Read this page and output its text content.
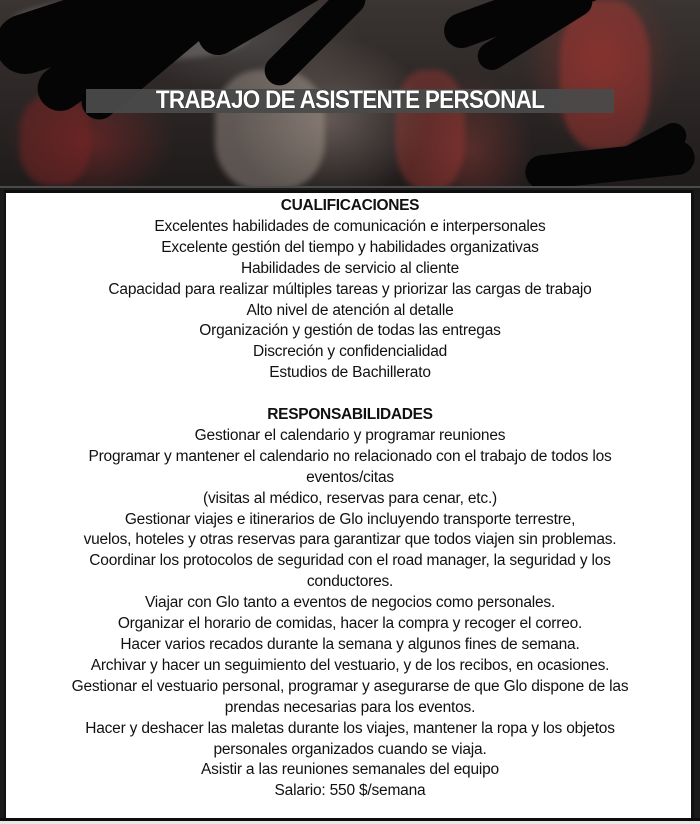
TRABAJO DE ASISTENTE PERSONAL
CUALIFICACIONES
Excelentes habilidades de comunicación e interpersonales
Excelente gestión del tiempo y habilidades organizativas
Habilidades de servicio al cliente
Capacidad para realizar múltiples tareas y priorizar las cargas de trabajo
Alto nivel de atención al detalle
Organización y gestión de todas las entregas
Discreción y confidencialidad
Estudios de Bachillerato
RESPONSABILIDADES
Gestionar el calendario y programar reuniones
Programar y mantener el calendario no relacionado con el trabajo de todos los
eventos/citas
(visitas al médico, reservas para cenar, etc.)
Gestionar viajes e itinerarios de Glo incluyendo transporte terrestre,
vuelos, hoteles y otras reservas para garantizar que todos viajen sin problemas.
Coordinar los protocolos de seguridad con el road manager, la seguridad y los
conductores.
Viajar con Glo tanto a eventos de negocios como personales.
Organizar el horario de comidas, hacer la compra y recoger el correo.
Hacer varios recados durante la semana y algunos fines de semana.
Archivar y hacer un seguimiento del vestuario, y de los recibos, en ocasiones.
Gestionar el vestuario personal, programar y asegurarse de que Glo dispone de las
prendas necesarias para los eventos.
Hacer y deshacer las maletas durante los viajes, mantener la ropa y los objetos
personales organizados cuando se viaja.
Asistir a las reuniones semanales del equipo
Salario: 550 $/semana
